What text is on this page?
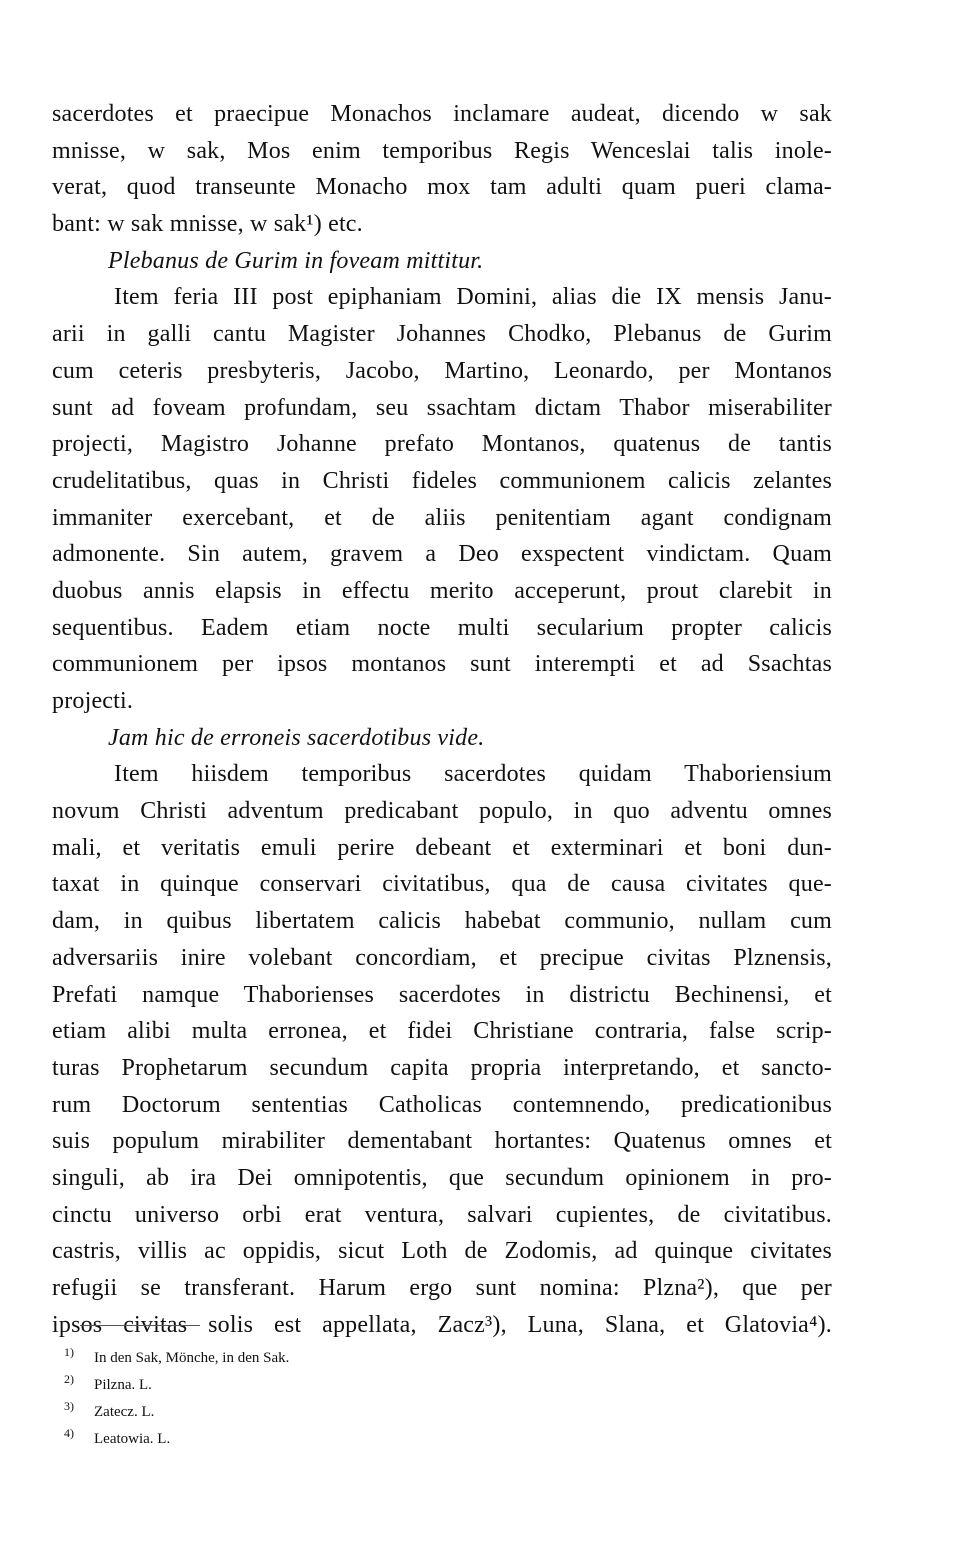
sacerdotes et praecipue Monachos inclamare audeat, dicendo w sak
mnisse, w sak, Mos enim temporibus Regis Wenceslai talis inole-
verat, quod transeunte Monacho mox tam adulti quam pueri clama-
bant: w sak mnisse, w sak¹) etc.
Plebanus de Gurim in foveam mittitur.
Item feria III post epiphaniam Domini, alias die IX mensis Janu-
arii in galli cantu Magister Johannes Chodko, Plebanus de Gurim
cum ceteris presbyteris, Jacobo, Martino, Leonardo, per Montanos
sunt ad foveam profundam, seu ssachtam dictam Thabor miserabiliter
projecti, Magistro Johanne prefato Montanos, quatenus de tantis
crudelitatibus, quas in Christi fideles communionem calicis zelantes
immaniter exercebant, et de aliis penitentiam agant condignam
admonente. Sin autem, gravem a Deo exspectent vindictam. Quam
duobus annis elapsis in effectu merito acceperunt, prout clarebit in
sequentibus. Eadem etiam nocte multi secularium propter calicis
communionem per ipsos montanos sunt interempti et ad Ssachtas
projecti.
Jam hic de erroneis sacerdotibus vide.
Item hiisdem temporibus sacerdotes quidam Thaboriensium
novum Christi adventum predicabant populo, in quo adventu omnes
mali, et veritatis emuli perire debeant et exterminari et boni dun-
taxat in quinque conservari civitatibus, qua de causa civitates que-
dam, in quibus libertatem calicis habebat communio, nullam cum
adversariis inire volebant concordiam, et precipue civitas Plznensis,
Prefati namque Thaborienses sacerdotes in districtu Bechinensi, et
etiam alibi multa erronea, et fidei Christiane contraria, false scrip-
turas Prophetarum secundum capita propria interpretando, et sancto-
rum Doctorum sententias Catholicas contemnendo, predicationibus
suis populum mirabiliter dementabant hortantes: Quatenus omnes et
singuli, ab ira Dei omnipotentis, que secundum opinionem in pro-
cinctu universo orbi erat ventura, salvari cupientes, de civitatibus.
castris, villis ac oppidis, sicut Loth de Zodomis, ad quinque civitates
refugii se transferant. Harum ergo sunt nomina: Plzna²), que per
ipsos civitas solis est appellata, Zacz³), Luna, Slana, et Glatovia⁴).
1) In den Sak, Mönche, in den Sak.
2) Pilzna. L.
3) Zatecz. L.
4) Leatowia. L.
